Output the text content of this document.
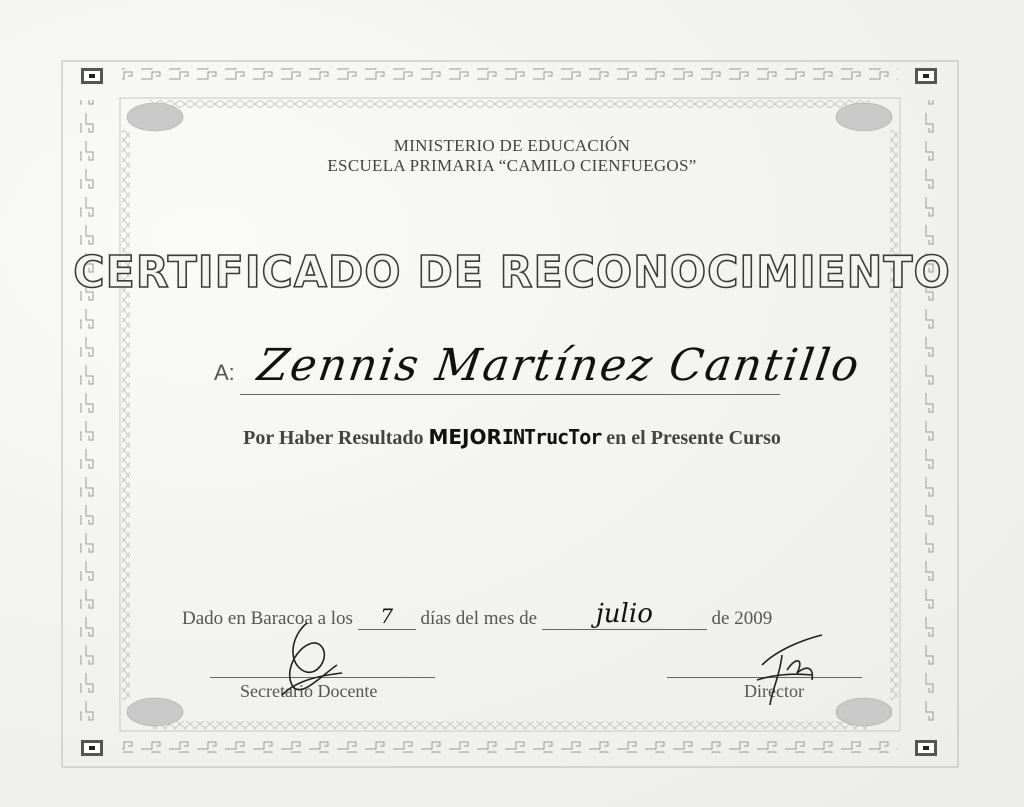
MINISTERIO DE EDUCACIÓN
ESCUELA PRIMARIA “CAMILO CIENFUEGOS”
CERTIFICADO DE RECONOCIMIENTO
A: Zennis Martínez Cantillo
Por Haber Resultado MEJORINTrucTor en el Presente Curso
Dado en Baracoa a los 7 días del mes de julio	de 2009
Secretario Docente	Director
